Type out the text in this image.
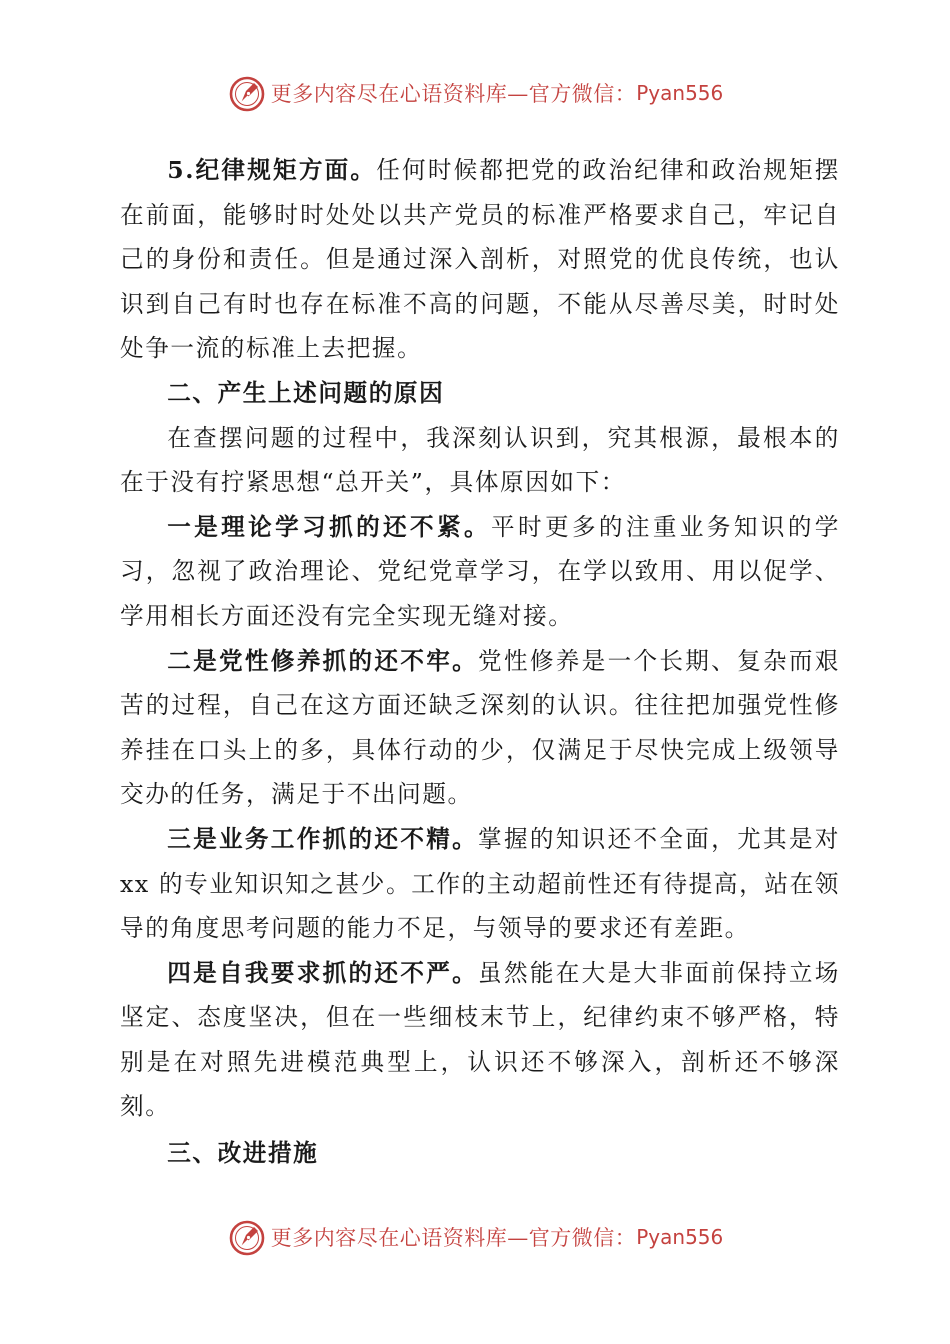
更多内容尽在心语资料库—官方微信： Pyan556

5.纪律规矩方面。任何时候都把党的政治纪律和政治规矩摆在前面，能够时时处处以共产党员的标准严格要求自己，牢记自己的身份和责任。但是通过深入剖析，对照党的优良传统，也认识到自己有时也存在标准不高的问题，不能从尽善尽美，时时处处争一流的标准上去把握。

二、产生上述问题的原因

在查摆问题的过程中，我深刻认识到，究其根源，最根本的在于没有拧紧思想“总开关”，具体原因如下：

一是理论学习抓的还不紧。平时更多的注重业务知识的学习，忽视了政治理论、党纪党章学习，在学以致用、用以促学、学用相长方面还没有完全实现无缝对接。

二是党性修养抓的还不牢。党性修养是一个长期、复杂而艰苦的过程，自己在这方面还缺乏深刻的认识。往往把加强党性修养挂在口头上的多，具体行动的少，仅满足于尽快完成上级领导交办的任务，满足于不出问题。

三是业务工作抓的还不精。掌握的知识还不全面，尤其是对 xx 的专业知识知之甚少。工作的主动超前性还有待提高，站在领导的角度思考问题的能力不足，与领导的要求还有差距。

四是自我要求抓的还不严。虽然能在大是大非面前保持立场坚定、态度坚决，但在一些细枝末节上，纪律约束不够严格，特别是在对照先进模范典型上，认识还不够深入，剖析还不够深刻。

三、改进措施

更多内容尽在心语资料库—官方微信： Pyan556
